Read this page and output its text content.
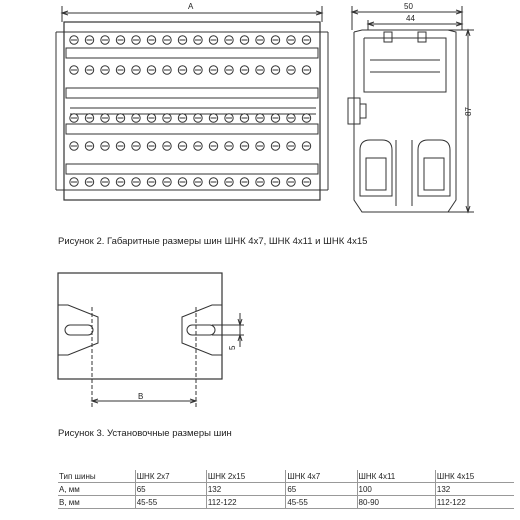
A	50
44
87
Рисунок 2. Габаритные размеры шин ШНК 4х7, ШНК 4х11 и ШНК 4х15
B
5
Рисунок 3. Установочные размеры шин
Тип шины	ШНК 2х7	ШНК 2х15	ШНК 4х7	ШНК 4х11	ШНК 4х15
А, мм	65	132	65	100	132
В, мм	45-55	112-122	45-55	80-90	112-122
